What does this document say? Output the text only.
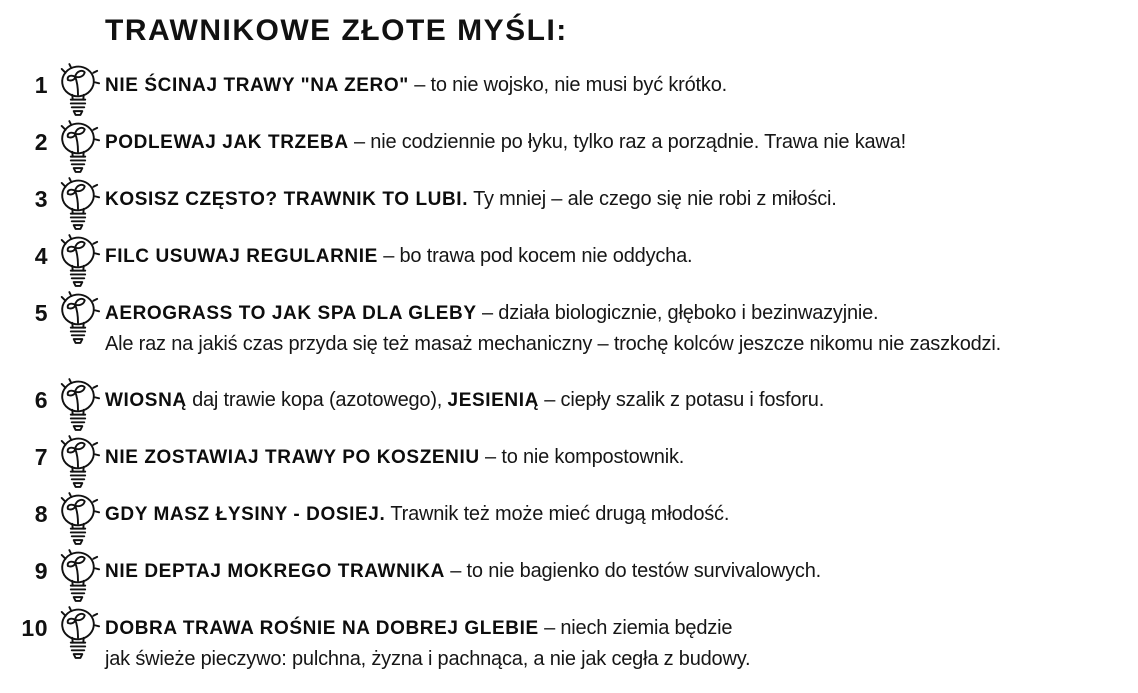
TRAWNIKOWE ZŁOTE MYŚLI:
1	NIE ŚCINAJ TRAWY "NA ZERO" – to nie wojsko, nie musi być krótko.
2	PODLEWAJ JAK TRZEBA – nie codziennie po łyku, tylko raz a porządnie. Trawa nie kawa!
3	KOSISZ CZĘSTO? TRAWNIK TO LUBI. Ty mniej – ale czego się nie robi z miłości.
4	FILC USUWAJ REGULARNIE – bo trawa pod kocem nie oddycha.
5	AEROGRASS TO JAK SPA DLA GLEBY – działa biologicznie, głęboko i bezinwazyjnie.
Ale raz na jakiś czas przyda się też masaż mechaniczny – trochę kolców jeszcze nikomu nie zaszkodzi.
6	WIOSNĄ daj trawie kopa (azotowego), JESIENIĄ – ciepły szalik z potasu i fosforu.
7	NIE ZOSTAWIAJ TRAWY PO KOSZENIU – to nie kompostownik.
8	GDY MASZ ŁYSINY - DOSIEJ. Trawnik też może mieć drugą młodość.
9	NIE DEPTAJ MOKREGO TRAWNIKA – to nie bagienko do testów survivalowych.
10	DOBRA TRAWA ROŚNIE NA DOBREJ GLEBIE – niech ziemia będzie
jak świeże pieczywo: pulchna, żyzna i pachnąca, a nie jak cegła z budowy.
